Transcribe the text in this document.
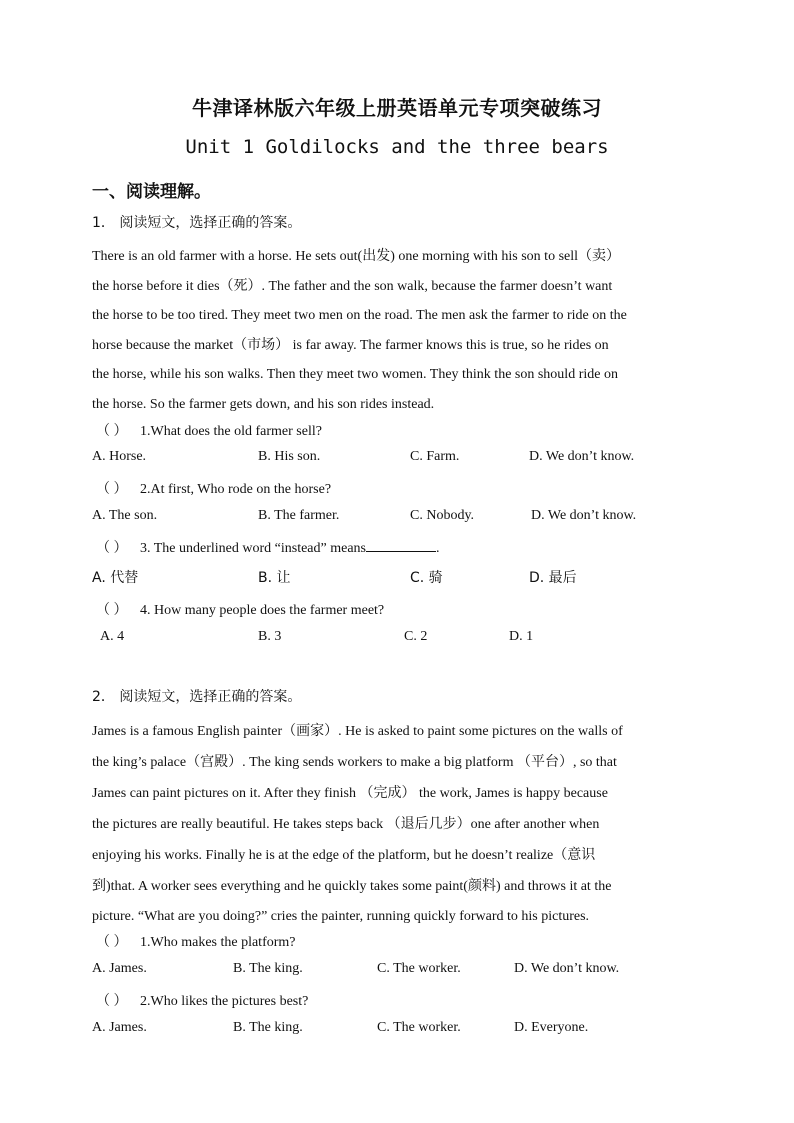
牛津译林版六年级上册英语单元专项突破练习
Unit 1 Goldilocks and the three bears
一、阅读理解。
1． 阅读短文，选择正确的答案。

There is an old farmer with a horse. He sets out(出发) one morning with his son to sell（卖）

the horse before it dies（死）. The father and the son walk, because the farmer doesn’t want

the horse to be too tired. They meet two men on the road. The men ask the farmer to ride on the

horse because the market（市场） is far away. The farmer knows this is true, so he rides on

the horse, while his son walks. Then they meet two women. They think the son should ride on

the horse. So the farmer gets down, and his son rides instead.

（ ） 1.What does the old farmer sell?
A. Horse.	B. His son.	C. Farm.	D. We don’t know.
（ ） 2.At first, Who rode on the horse?
A. The son.	B. The farmer.	C. Nobody.	D. We don’t know.
（ ） 3. The underlined word “instead” means	.
A. 代替	B. 让	C. 骑	D. 最后
（ ） 4. How many people does the farmer meet?
A. 4	B. 3	C. 2	D. 1
2． 阅读短文，选择正确的答案。

James is a famous English painter（画家）. He is asked to paint some pictures on the walls of

the king’s palace（宫殿）. The king sends workers to make a big platform （平台）, so that

James can paint pictures on it. After they finish （完成） the work, James is happy because

the pictures are really beautiful. He takes steps back （退后几步）one after another when

enjoying his works. Finally he is at the edge of the platform, but he doesn’t realize（意识

到)that. A worker sees everything and he quickly takes some paint(颜料) and throws it at the

picture. “What are you doing?” cries the painter, running quickly forward to his pictures.

（ ） 1.Who makes the platform?
A. James.	B. The king.	C. The worker.	D. We don’t know.
（ ） 2.Who likes the pictures best?
A. James.	B. The king.	C. The worker.	D. Everyone.
